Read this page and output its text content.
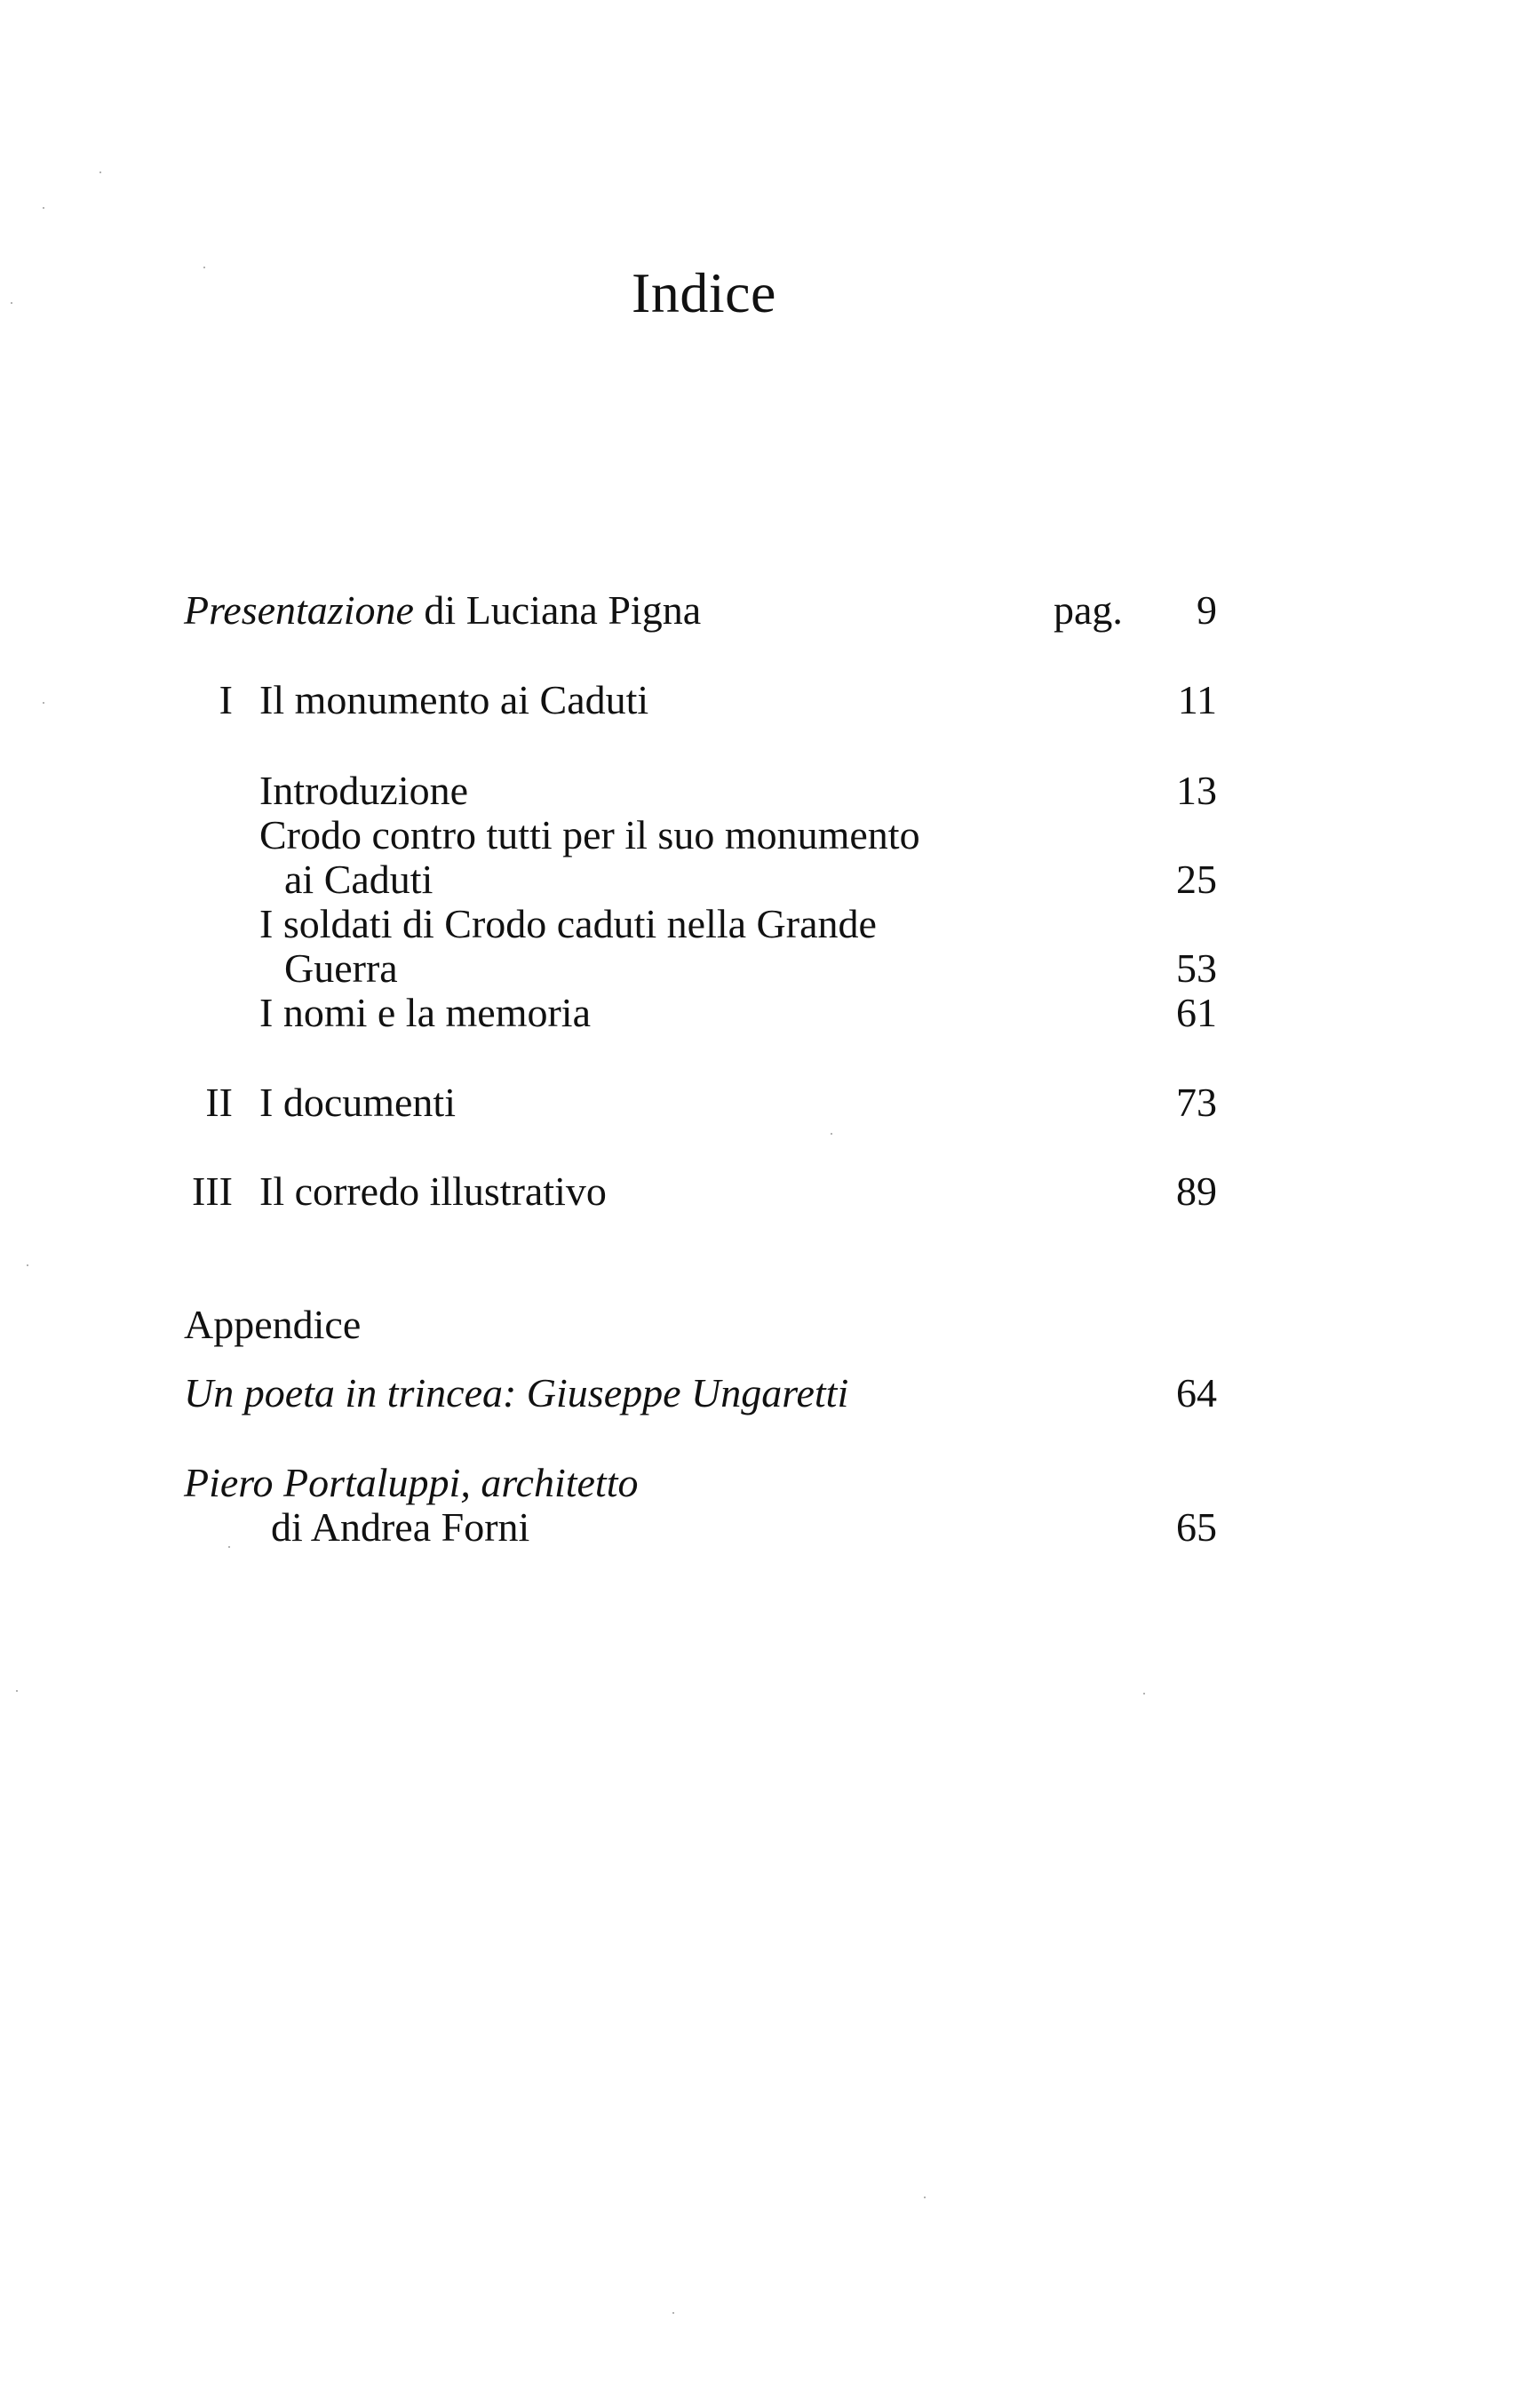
Indice
Presentazione di Luciana Pigna	pag.	9
I Il monumento ai Caduti	11
Introduzione	13
Crodo contro tutti per il suo monumento
ai Caduti	25
I soldati di Crodo caduti nella Grande
Guerra	53
I nomi e la memoria	61
II I documenti	73
III Il corredo illustrativo	89
Appendice
Un poeta in trincea: Giuseppe Ungaretti	64
Piero Portaluppi, architetto
di Andrea Forni	65
